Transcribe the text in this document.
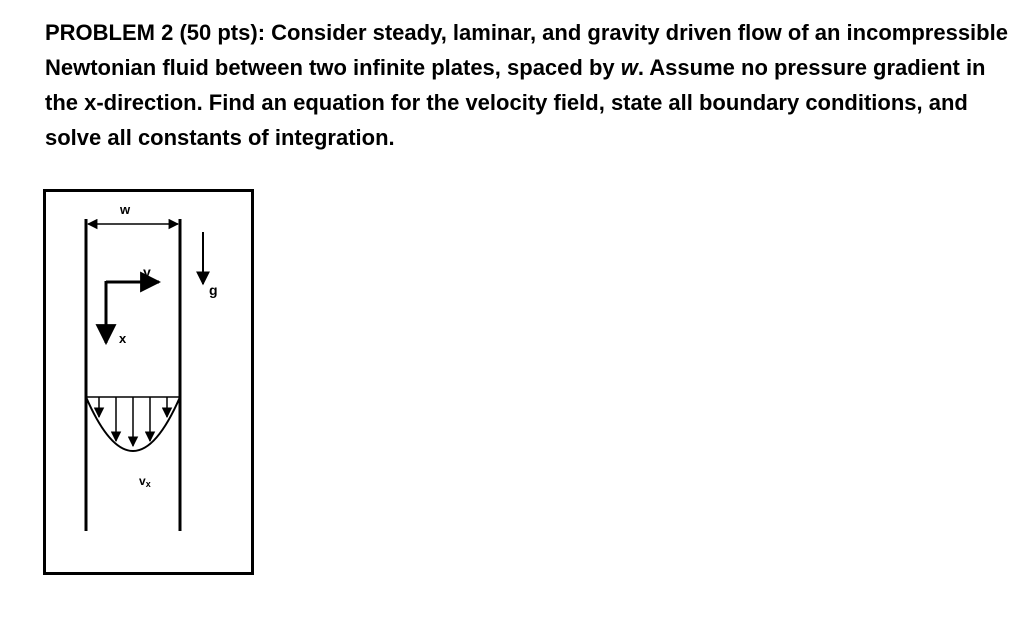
PROBLEM 2 (50 pts): Consider steady, laminar, and gravity driven flow of an incompressible Newtonian fluid between two infinite plates, spaced by w. Assume no pressure gradient in the x-direction. Find an equation for the velocity field, state all boundary conditions, and solve all constants of integration.

w
g
y
x
vx
